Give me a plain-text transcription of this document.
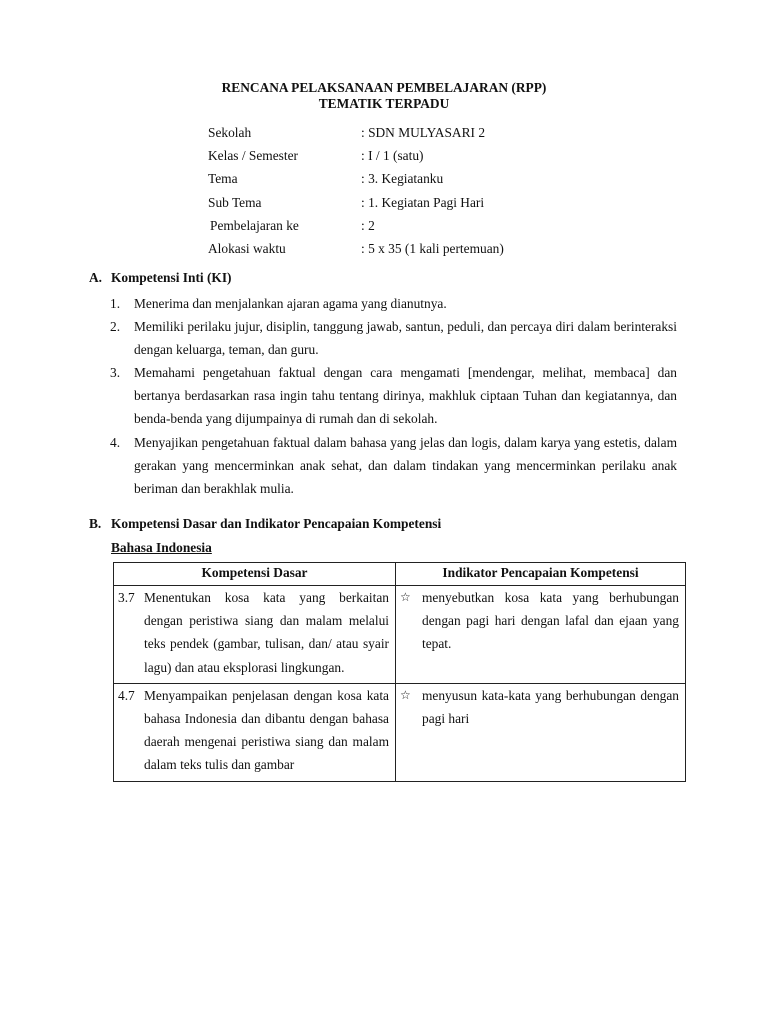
RENCANA PELAKSANAAN PEMBELAJARAN (RPP)
TEMATIK TERPADU
Sekolah	: SDN MULYASARI 2
Kelas / Semester	: I / 1 (satu)
Tema	: 3. Kegiatanku
Sub Tema	: 1. Kegiatan Pagi Hari
Pembelajaran ke	: 2
Alokasi waktu	: 5 x 35 (1 kali pertemuan)
A. Kompetensi Inti (KI)
1. Menerima dan menjalankan ajaran agama yang dianutnya.
2. Memiliki perilaku jujur, disiplin, tanggung jawab, santun, peduli, dan percaya diri dalam berinteraksi dengan keluarga, teman, dan guru.
3. Memahami pengetahuan faktual dengan cara mengamati [mendengar, melihat, membaca] dan bertanya berdasarkan rasa ingin tahu tentang dirinya, makhluk ciptaan Tuhan dan kegiatannya, dan benda-benda yang dijumpainya di rumah dan di sekolah.
4. Menyajikan pengetahuan faktual dalam bahasa yang jelas dan logis, dalam karya yang estetis, dalam gerakan yang mencerminkan anak sehat, dan dalam tindakan yang mencerminkan perilaku anak beriman dan berakhlak mulia.
B. Kompetensi Dasar dan Indikator Pencapaian Kompetensi
Bahasa Indonesia
Kompetensi Dasar	Indikator Pencapaian Kompetensi

3.7 Menentukan kosa kata yang berkaitan dengan peristiwa siang dan malam melalui teks pendek (gambar, tulisan, dan/ atau syair lagu) dan atau eksplorasi lingkungan.	☆ menyebutkan kosa kata yang berhubungan dengan pagi hari dengan lafal dan ejaan yang tepat.

4.7 Menyampaikan penjelasan dengan kosa kata bahasa Indonesia dan dibantu dengan bahasa daerah mengenai peristiwa siang dan malam dalam teks tulis dan gambar	☆ menyusun kata-kata yang berhubungan dengan pagi hari
